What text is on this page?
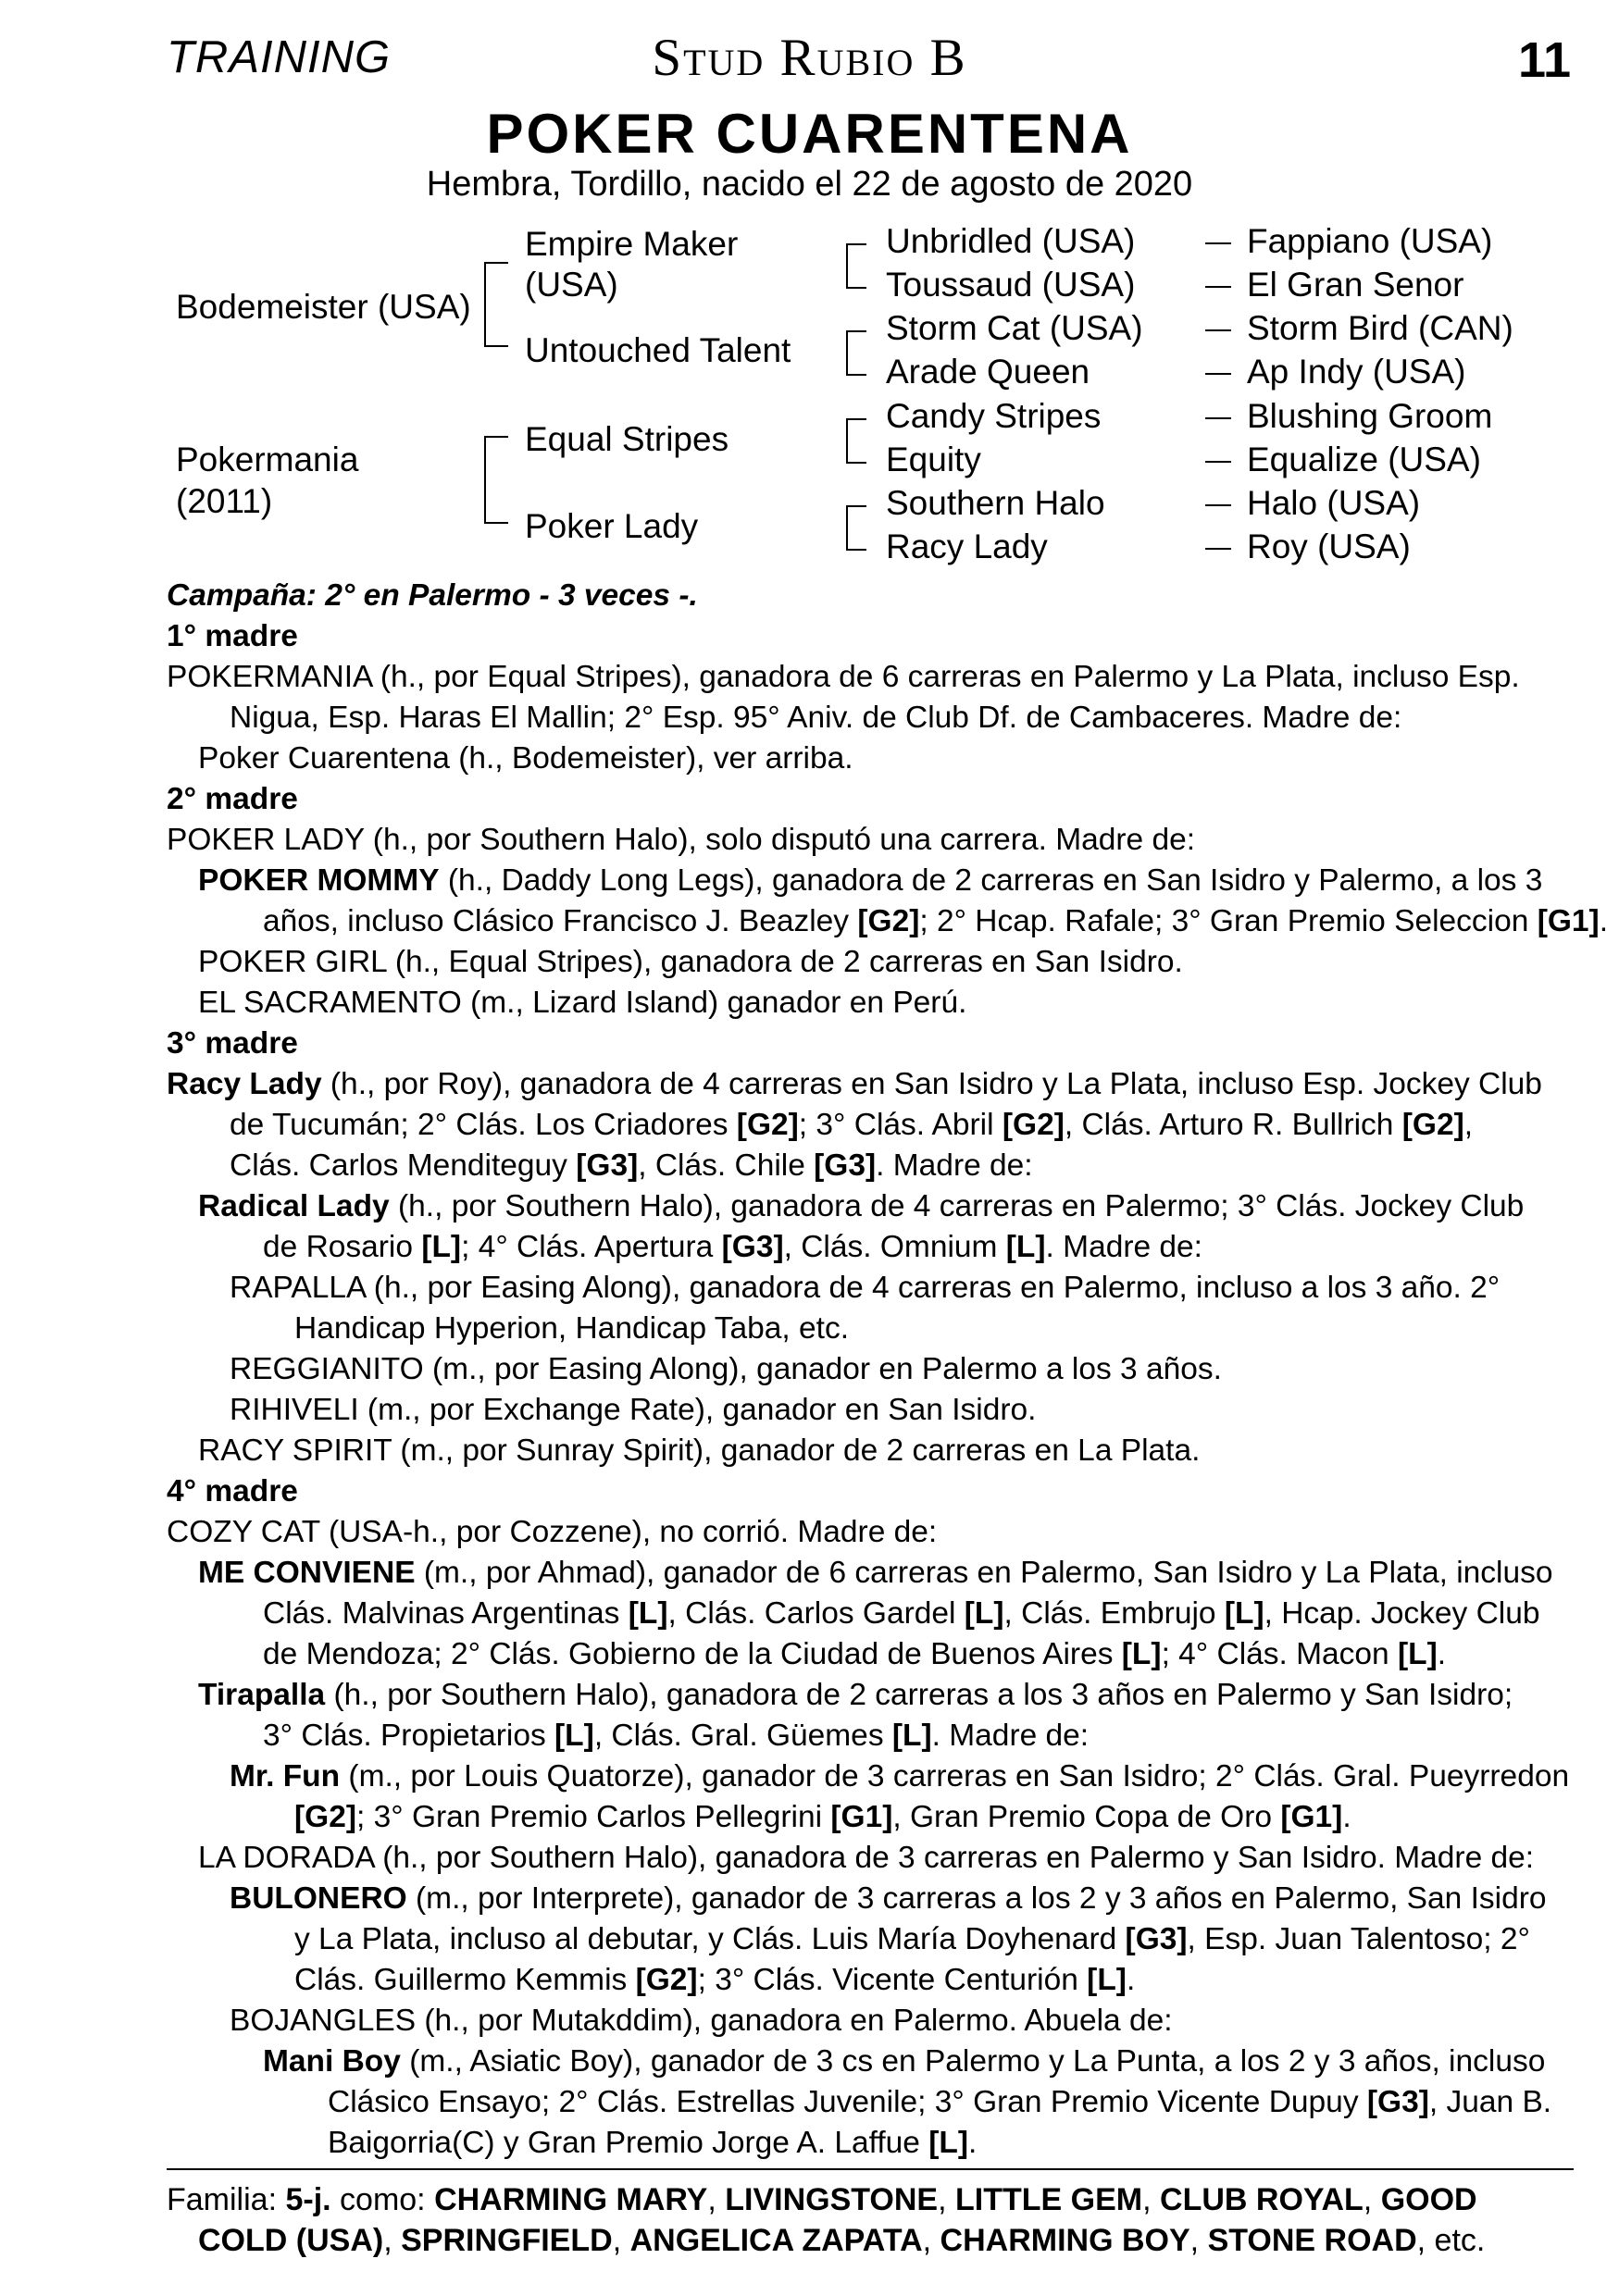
TRAINING	Stud Rubio B	11
POKER CUARENTENA
Hembra, Tordillo, nacido el 22 de agosto de 2020
Bodemeister (USA)
Pokermania
(2011)
Empire Maker
(USA)
Untouched Talent
Equal Stripes
Poker Lady
Unbridled (USA)
Toussaud (USA)
Storm Cat (USA)
Arade Queen
Candy Stripes
Equity
Southern Halo
Racy Lady
Fappiano (USA)
El Gran Senor
Storm Bird (CAN)
Ap Indy (USA)
Blushing Groom
Equalize (USA)
Halo (USA)
Roy (USA)

Campaña: 2° en Palermo - 3 veces -.

1° madre

POKERMANIA (h., por Equal Stripes), ganadora de 6 carreras en Palermo y La Plata, incluso Esp.

Nigua, Esp. Haras El Mallin; 2° Esp. 95° Aniv. de Club Df. de Cambaceres. Madre de:

Poker Cuarentena (h., Bodemeister), ver arriba.

2° madre

POKER LADY (h., por Southern Halo), solo disputó una carrera. Madre de:

POKER MOMMY (h., Daddy Long Legs), ganadora de 2 carreras en San Isidro y Palermo, a los 3

años, incluso Clásico Francisco J. Beazley [G2]; 2° Hcap. Rafale; 3° Gran Premio Seleccion [G1].

POKER GIRL (h., Equal Stripes), ganadora de 2 carreras en San Isidro.

EL SACRAMENTO (m., Lizard Island) ganador en Perú.

3° madre

Racy Lady (h., por Roy), ganadora de 4 carreras en San Isidro y La Plata, incluso Esp. Jockey Club

de Tucumán; 2° Clás. Los Criadores [G2]; 3° Clás. Abril [G2], Clás. Arturo R. Bullrich [G2],

Clás. Carlos Menditeguy [G3], Clás. Chile [G3]. Madre de:

Radical Lady (h., por Southern Halo), ganadora de 4 carreras en Palermo; 3° Clás. Jockey Club

de Rosario [L]; 4° Clás. Apertura [G3], Clás. Omnium [L]. Madre de:

RAPALLA (h., por Easing Along), ganadora de 4 carreras en Palermo, incluso a los 3 año. 2°

Handicap Hyperion, Handicap Taba, etc.

REGGIANITO (m., por Easing Along), ganador en Palermo a los 3 años.

RIHIVELI (m., por Exchange Rate), ganador en San Isidro.

RACY SPIRIT (m., por Sunray Spirit), ganador de 2 carreras en La Plata.

4° madre

COZY CAT (USA-h., por Cozzene), no corrió. Madre de:

ME CONVIENE (m., por Ahmad), ganador de 6 carreras en Palermo, San Isidro y La Plata, incluso

Clás. Malvinas Argentinas [L], Clás. Carlos Gardel [L], Clás. Embrujo [L], Hcap. Jockey Club

de Mendoza; 2° Clás. Gobierno de la Ciudad de Buenos Aires [L]; 4° Clás. Macon [L].

Tirapalla (h., por Southern Halo), ganadora de 2 carreras a los 3 años en Palermo y San Isidro;

3° Clás. Propietarios [L], Clás. Gral. Güemes [L]. Madre de:

Mr. Fun (m., por Louis Quatorze), ganador de 3 carreras en San Isidro; 2° Clás. Gral. Pueyrredon

[G2]; 3° Gran Premio Carlos Pellegrini [G1], Gran Premio Copa de Oro [G1].

LA DORADA (h., por Southern Halo), ganadora de 3 carreras en Palermo y San Isidro. Madre de:

BULONERO (m., por Interprete), ganador de 3 carreras a los 2 y 3 años en Palermo, San Isidro

y La Plata, incluso al debutar, y Clás. Luis María Doyhenard [G3], Esp. Juan Talentoso; 2°

Clás. Guillermo Kemmis [G2]; 3° Clás. Vicente Centurión [L].

BOJANGLES (h., por Mutakddim), ganadora en Palermo. Abuela de:

Mani Boy (m., Asiatic Boy), ganador de 3 cs en Palermo y La Punta, a los 2 y 3 años, incluso

Clásico Ensayo; 2° Clás. Estrellas Juvenile; 3° Gran Premio Vicente Dupuy [G3], Juan B.

Baigorria(C) y Gran Premio Jorge A. Laffue [L].

Familia: 5-j. como: CHARMING MARY, LIVINGSTONE, LITTLE GEM, CLUB ROYAL, GOOD

COLD (USA), SPRINGFIELD, ANGELICA ZAPATA, CHARMING BOY, STONE ROAD, etc.
